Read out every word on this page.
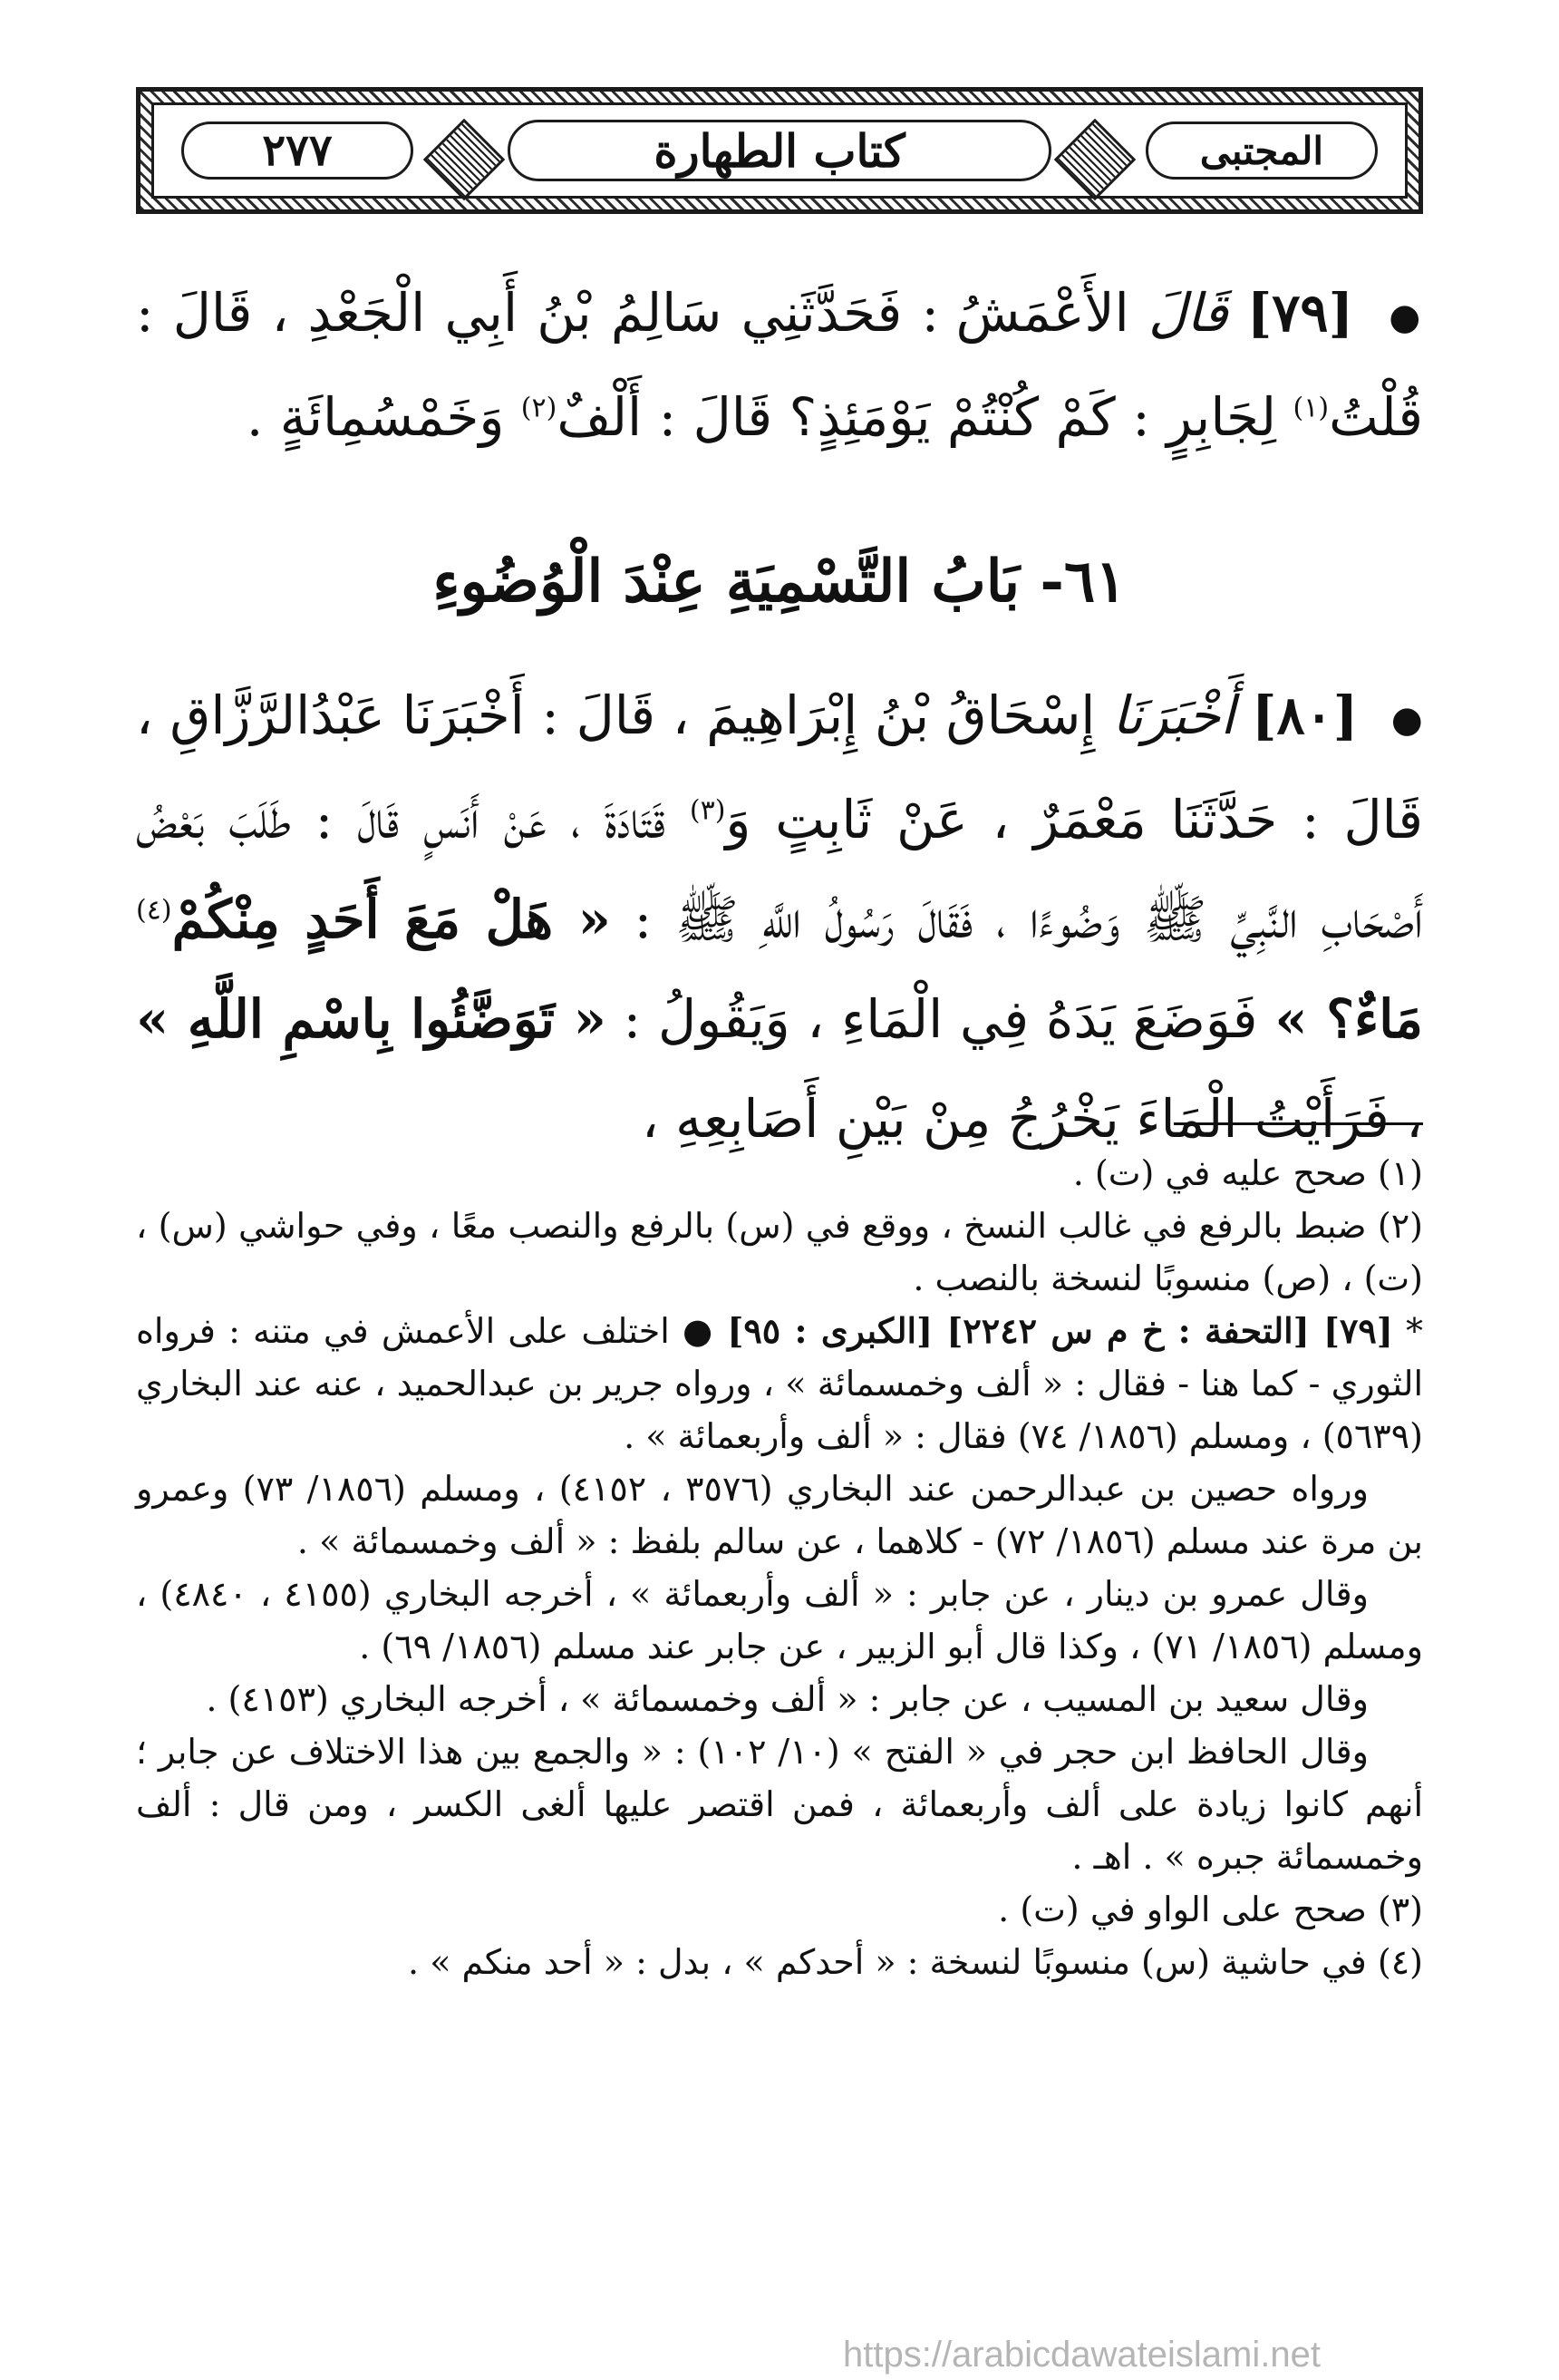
٢٧٧	كتاب الطهارة	المجتبى
● [٧٩] قَالَ الأَعْمَشُ : فَحَدَّثَنِي سَالِمُ بْنُ أَبِي الْجَعْدِ ، قَالَ : قُلْتُ$^{(١)}$ لِجَابِرٍ : كَمْ كُنْتُمْ يَوْمَئِذٍ؟ قَالَ : أَلْفٌ$^{(٢)}$ وَخَمْسُمِائَةٍ .
٦١- بَابُ التَّسْمِيَةِ عِنْدَ الْوُضُوءِ
● [٨٠] أَخْبَرَنَا إِسْحَاقُ بْنُ إِبْرَاهِيمَ ، قَالَ : أَخْبَرَنَا عَبْدُالرَّزَّاقِ ، قَالَ : حَدَّثَنَا مَعْمَرٌ ، عَنْ ثَابِتٍ وَ$^{(٣)}$ قَتَادَةَ ، عَنْ أَنَسٍ قَالَ : طَلَبَ بَعْضُ أَصْحَابِ النَّبِيِّ ﷺ وَضُوءًا ، فَقَالَ رَسُولُ اللَّهِ ﷺ : « هَلْ مَعَ أَحَدٍ مِنْكُمْ$^{(٤)}$ مَاءٌ؟ » فَوَضَعَ يَدَهُ فِي الْمَاءِ ، وَيَقُولُ : « تَوَضَّئُوا بِاسْمِ اللَّهِ » ، فَرَأَيْتُ الْمَاءَ يَخْرُجُ مِنْ بَيْنِ أَصَابِعِهِ ،

(١) صحح عليه في (ت) .

(٢) ضبط بالرفع في غالب النسخ ، ووقع في (س) بالرفع والنصب معًا ، وفي حواشي (س) ، (ت) ، (ص) منسوبًا لنسخة بالنصب .

* [٧٩] [التحفة : خ م س ٢٢٤٢] [الكبرى : ٩٥] ● اختلف على الأعمش في متنه : فرواه الثوري - كما هنا - فقال : « ألف وخمسمائة » ، ورواه جرير بن عبدالحميد ، عنه عند البخاري (٥٦٣٩) ، ومسلم (١٨٥٦/ ٧٤) فقال : « ألف وأربعمائة » .

ورواه حصين بن عبدالرحمن عند البخاري (٣٥٧٦ ، ٤١٥٢) ، ومسلم (١٨٥٦/ ٧٣) وعمرو بن مرة عند مسلم (١٨٥٦/ ٧٢) - كلاهما ، عن سالم بلفظ : « ألف وخمسمائة » .

وقال عمرو بن دينار ، عن جابر : « ألف وأربعمائة » ، أخرجه البخاري (٤١٥٥ ، ٤٨٤٠) ، ومسلم (١٨٥٦/ ٧١) ، وكذا قال أبو الزبير ، عن جابر عند مسلم (١٨٥٦/ ٦٩) .

وقال سعيد بن المسيب ، عن جابر : « ألف وخمسمائة » ، أخرجه البخاري (٤١٥٣) .

وقال الحافظ ابن حجر في « الفتح » (١٠/ ١٠٢) : « والجمع بين هذا الاختلاف عن جابر ؛ أنهم كانوا زيادة على ألف وأربعمائة ، فمن اقتصر عليها ألغى الكسر ، ومن قال : ألف وخمسمائة جبره » . اهـ .

(٣) صحح على الواو في (ت) .

(٤) في حاشية (س) منسوبًا لنسخة : « أحدكم » ، بدل : « أحد منكم » .

https://arabicdawateislami.net
